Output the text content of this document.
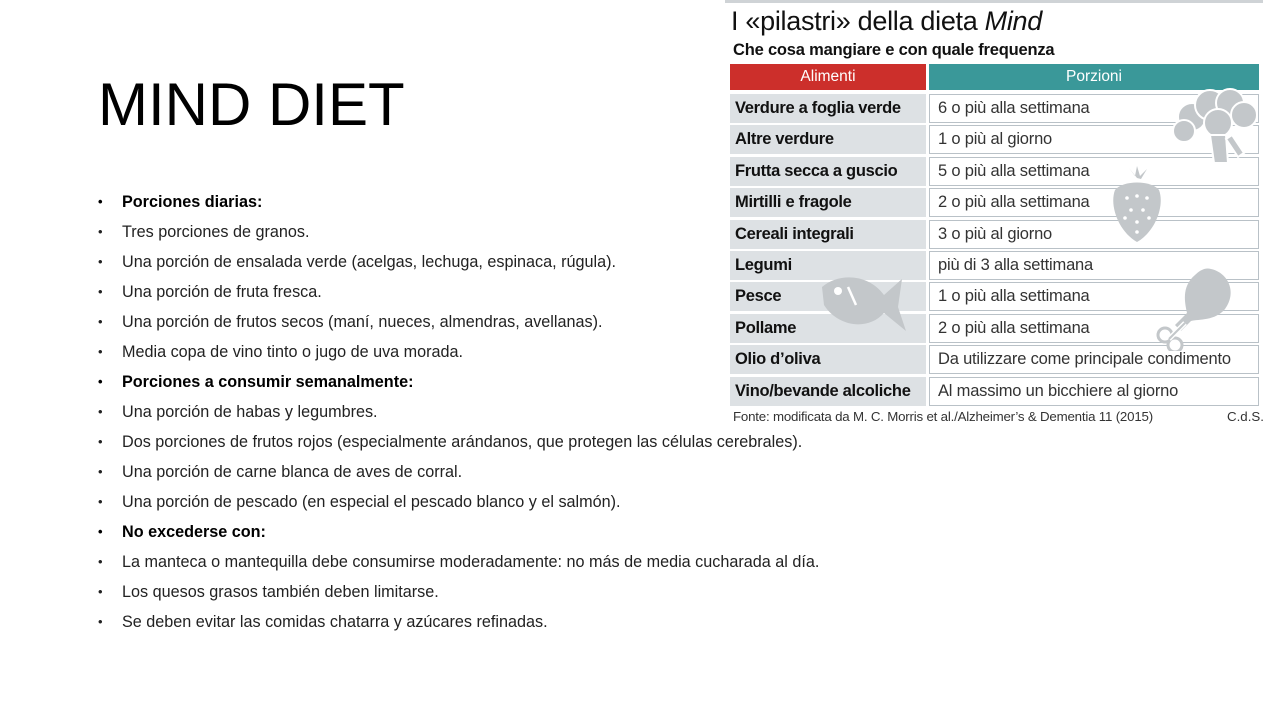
MIND DIET
• Porciones diarias:
• Tres porciones de granos.
• Una porción de ensalada verde (acelgas, lechuga, espinaca, rúgula).
• Una porción de fruta fresca.
• Una porción de frutos secos (maní, nueces, almendras, avellanas).
• Media copa de vino tinto o jugo de uva morada.
• Porciones a consumir semanalmente:
• Una porción de habas y legumbres.
• Dos porciones de frutos rojos (especialmente arándanos, que protegen las células cerebrales).
• Una porción de carne blanca de aves de corral.
• Una porción de pescado (en especial el pescado blanco y el salmón).
• No excederse con:
• La manteca o mantequilla debe consumirse moderadamente: no más de media cucharada al día.
• Los quesos grasos también deben limitarse.
• Se deben evitar las comidas chatarra y azúcares refinadas.
I «pilastri» della dieta Mind
Che cosa mangiare e con quale frequenza
Alimenti	Porzioni
6 o più alla settimana
Verdure a foglia verde
1 o più al giorno
Altre verdure
5 o più alla settimana
Frutta secca a guscio
2 o più alla settimana
Mirtilli e fragole
3 o più al giorno
Cereali integrali
più di 3 alla settimana
Legumi
1 o più alla settimana
Pesce
2 o più alla settimana
Pollame
Da utilizzare come principale condimento
Olio d’oliva
Al massimo un bicchiere al giorno
Vino/bevande alcoliche
Fonte: modificata da M. C. Morris et al./Alzheimer’s & Dementia 11 (2015)	C.d.S.
